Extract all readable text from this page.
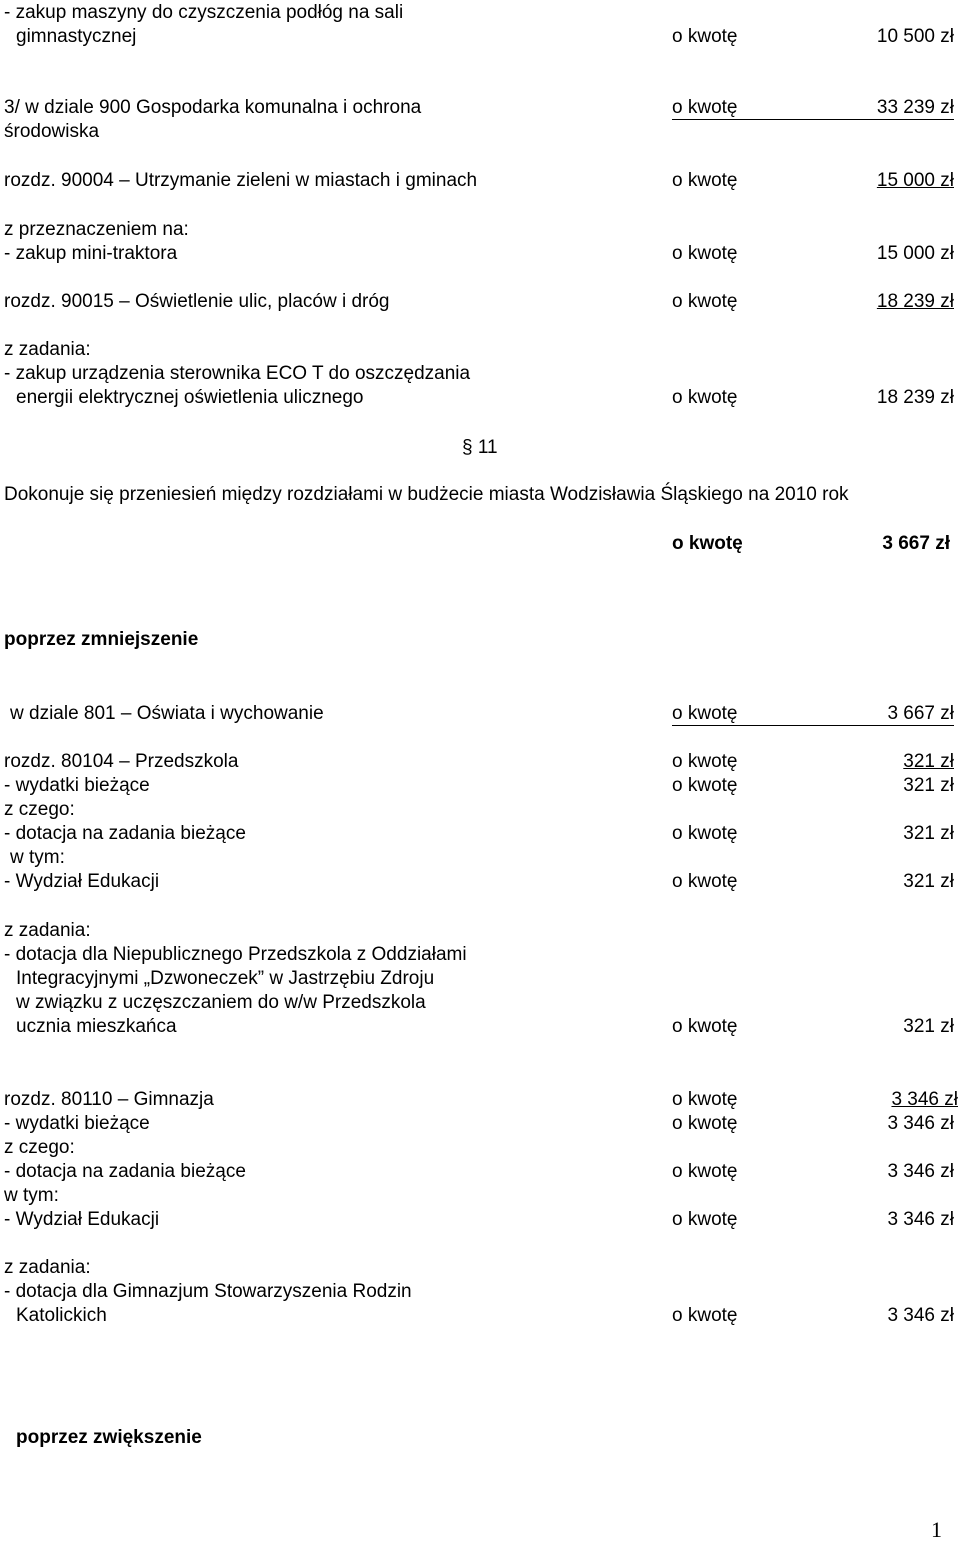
- zakup maszyny do czyszczenia podłóg na sali
gimnastycznej	o kwotę	10 500 zł
3/ w dziale 900 Gospodarka komunalna i ochrona
środowiska
o kwotę	33 239 zł
rozdz. 90004 – Utrzymanie zieleni w miastach i gminach	o kwotę	15 000 zł
z przeznaczeniem na:
- zakup mini-traktora	o kwotę	15 000 zł
rozdz. 90015 – Oświetlenie ulic, placów i dróg	o kwotę	18 239 zł
z zadania:
- zakup urządzenia sterownika ECO T do oszczędzania
energii elektrycznej oświetlenia ulicznego	o kwotę	18 239 zł
§ 11
Dokonuje się przeniesień między rozdziałami w budżecie miasta Wodzisławia Śląskiego na 2010 rok
o kwotę	3 667 zł
poprzez zmniejszenie
w dziale 801 – Oświata i wychowanie	o kwotę	3 667 zł
rozdz. 80104 – Przedszkola	o kwotę	321 zł
- wydatki bieżące	o kwotę	321 zł
z czego:
- dotacja na zadania bieżące	o kwotę	321 zł
w tym:
- Wydział Edukacji	o kwotę	321 zł
z zadania:
- dotacja dla Niepublicznego Przedszkola z Oddziałami
Integracyjnymi „Dzwoneczek” w Jastrzębiu Zdroju
w związku z uczęszczaniem do w/w Przedszkola
ucznia mieszkańca	o kwotę	321 zł
rozdz. 80110 – Gimnazja	o kwotę	3 346 zł
- wydatki bieżące	o kwotę	3 346 zł
z czego:
- dotacja na zadania bieżące	o kwotę	3 346 zł
w tym:
- Wydział Edukacji	o kwotę	3 346 zł
z zadania:
- dotacja dla Gimnazjum Stowarzyszenia Rodzin
Katolickich	o kwotę	3 346 zł
poprzez zwiększenie
1
